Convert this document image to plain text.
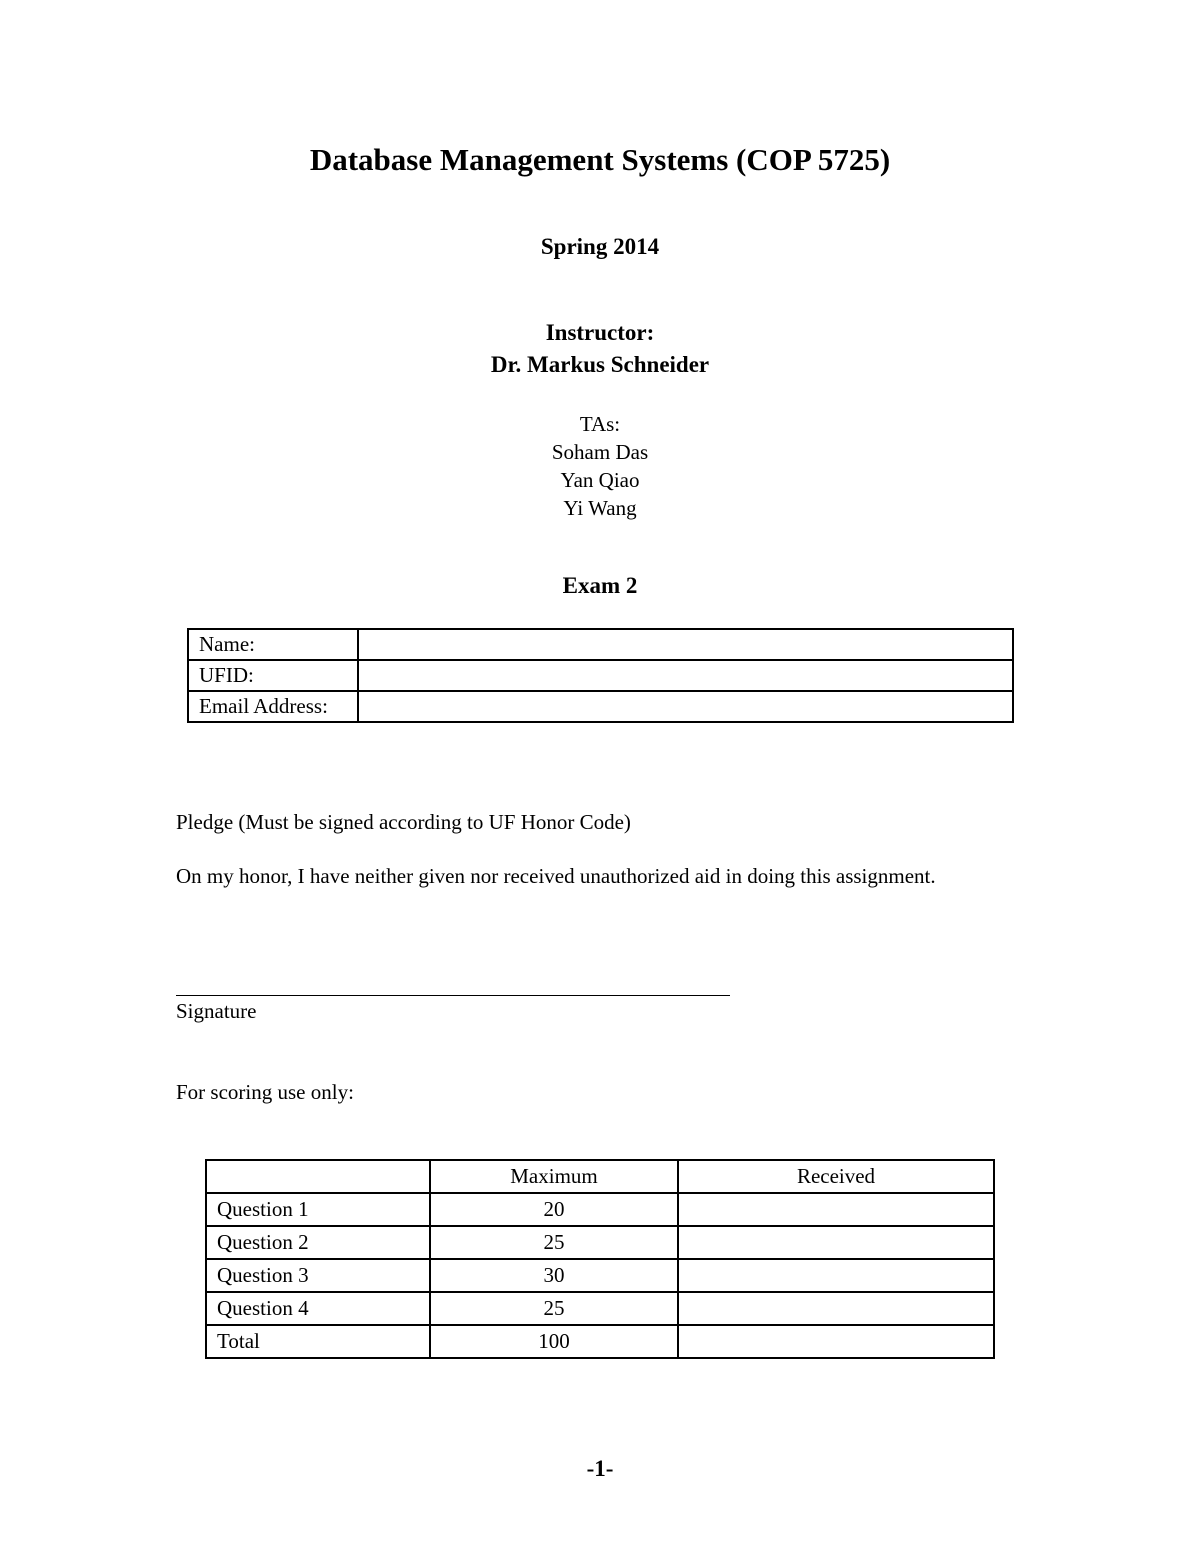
Database Management Systems (COP 5725)
Spring 2014
Instructor:
Dr. Markus Schneider
TAs:
Soham Das
Yan Qiao
Yi Wang
Exam 2
Name:	
UFID:	
Email Address:	
Pledge (Must be signed according to UF Honor Code)
On my honor, I have neither given nor received unauthorized aid in doing this assignment.
Signature
For scoring use only:
	Maximum	Received
Question 1	20	
Question 2	25	
Question 3	30	
Question 4	25	
Total	100	
-1-
